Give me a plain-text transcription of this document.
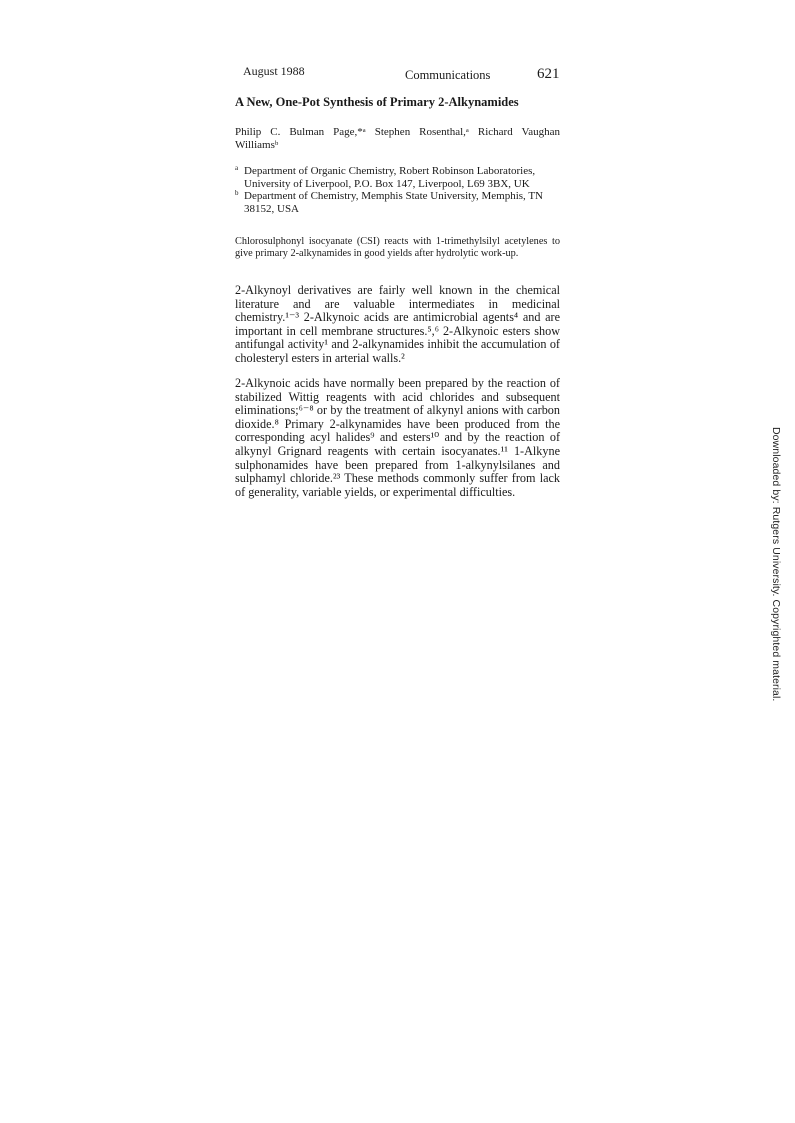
August 1988	Communications	621
A New, One-Pot Synthesis of Primary 2-Alkynamides
Philip C. Bulman Page,*ᵃ Stephen Rosenthal,ᵃ Richard Vaughan Williamsᵇ
a Department of Organic Chemistry, Robert Robinson Laboratories, University of Liverpool, P.O. Box 147, Liverpool, L69 3BX, UK
b Department of Chemistry, Memphis State University, Memphis, TN 38152, USA
Chlorosulphonyl isocyanate (CSI) reacts with 1-trimethylsilyl acetylenes to give primary 2-alkynamides in good yields after hydrolytic work-up.
2-Alkynoyl derivatives are fairly well known in the chemical literature and are valuable intermediates in medicinal chemistry.¹⁻³ 2-Alkynoic acids are antimicrobial agents⁴ and are important in cell membrane structures.⁵,⁶ 2-Alkynoic esters show antifungal activity¹ and 2-alkynamides inhibit the accumulation of cholesteryl esters in arterial walls.²
2-Alkynoic acids have normally been prepared by the reaction of stabilized Wittig reagents with acid chlorides and subsequent eliminations;⁶⁻⁸ or by the treatment of alkynyl anions with carbon dioxide.⁸ Primary 2-alkynamides have been produced from the corresponding acyl halides⁹ and esters¹⁰ and by the reaction of alkynyl Grignard reagents with certain isocyanates.¹¹ 1-Alkyne sulphonamides have been prepared from 1-alkynylsilanes and sulphamyl chloride.²³ These methods commonly suffer from lack of generality, variable yields, or experimental difficulties.	Downloaded by: Rutgers University. Copyrighted material.
